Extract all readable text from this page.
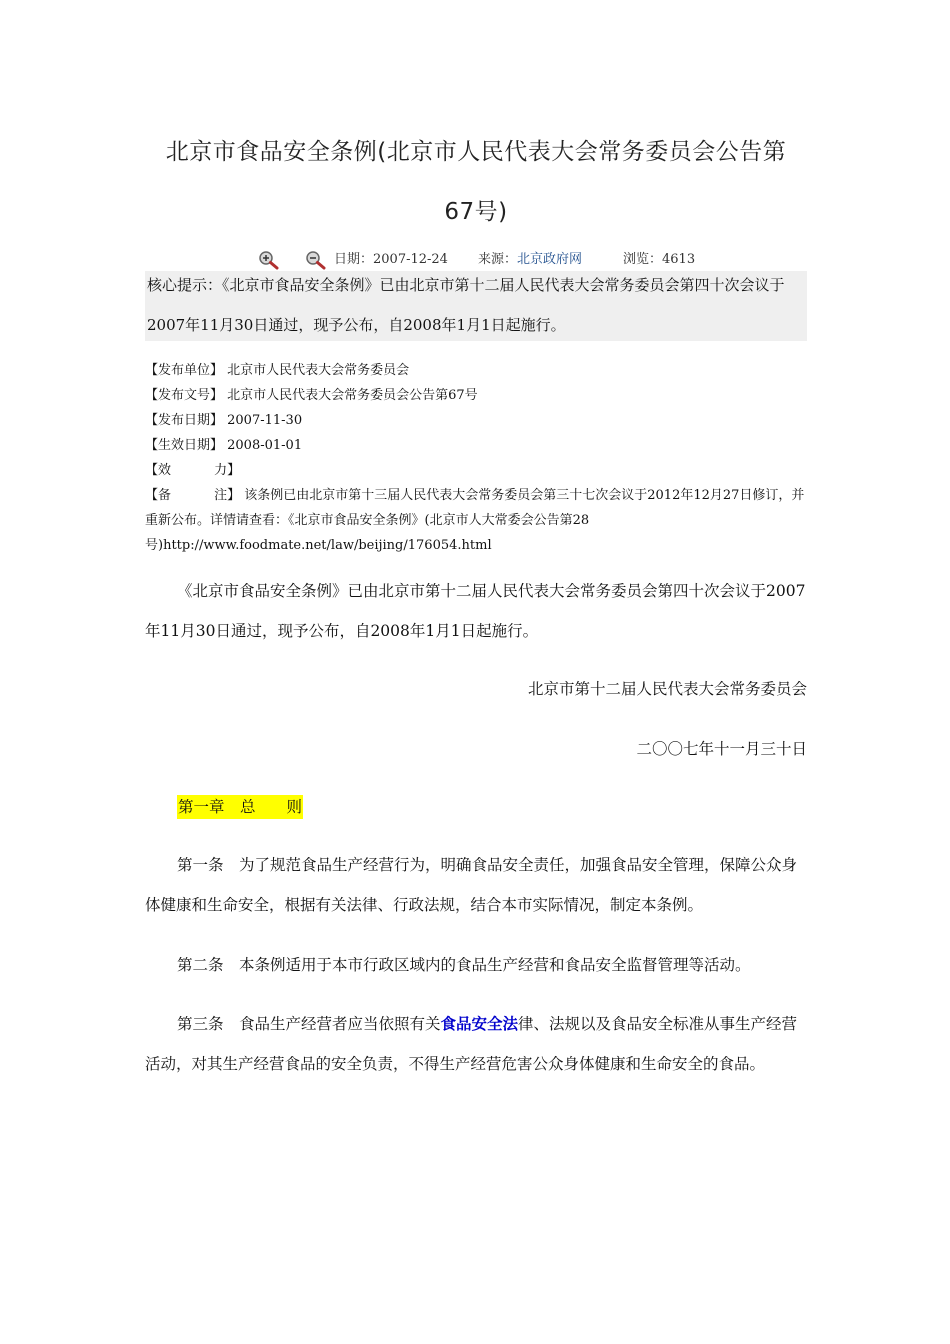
北京市食品安全条例(北京市人民代表大会常务委员会公告第
67号)
日期：2007-12-24 来源：北京政府网	浏览：4613
核心提示：《北京市食品安全条例》已由北京市第十二届人民代表大会常务委员会第四十次会议于2007年11月30日通过，现予公布，自2008年1月1日起施行。
【发布单位】 北京市人民代表大会常务委员会
【发布文号】 北京市人民代表大会常务委员会公告第67号
【发布日期】 2007-11-30
【生效日期】 2008-01-01
【效　　　 力】
【备　　　 注】 该条例已由北京市第十三届人民代表大会常务委员会第三十七次会议于2012年12月27日修订，并重新公布。详情请查看：《北京市食品安全条例》(北京市人大常委会公告第28号)http://www.foodmate.net/law/beijing/176054.html
《北京市食品安全条例》已由北京市第十二届人民代表大会常务委员会第四十次会议于2007年11月30日通过，现予公布，自2008年1月1日起施行。
北京市第十二届人民代表大会常务委员会
二〇〇七年十一月三十日
第一章　总　　则
第一条　为了规范食品生产经营行为，明确食品安全责任，加强食品安全管理，保障公众身体健康和生命安全，根据有关法律、行政法规，结合本市实际情况，制定本条例。
第二条　本条例适用于本市行政区域内的食品生产经营和食品安全监督管理等活动。
第三条　食品生产经营者应当依照有关食品安全法律、法规以及食品安全标准从事生产经营活动，对其生产经营食品的安全负责，不得生产经营危害公众身体健康和生命安全的食品。
